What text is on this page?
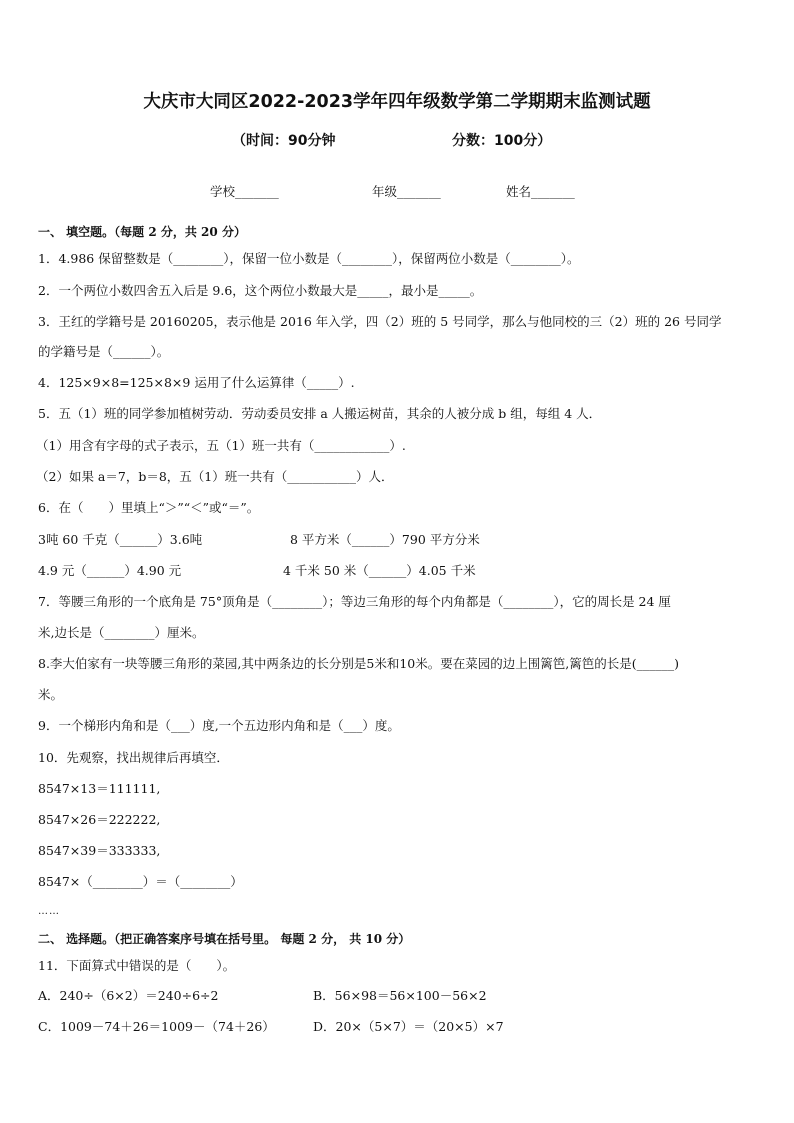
大庆市大同区2022-2023学年四年级数学第二学期期末监测试题
（时间：90分钟	分数：100分）
学校_______	年级_______	姓名_______
一、 填空题。（每题 2 分，共 20 分）
1．4.986 保留整数是（________），保留一位小数是（________），保留两位小数是（________）。
2．一个两位小数四舍五入后是 9.6，这个两位小数最大是_____，最小是_____。
3．王红的学籍号是 20160205，表示他是 2016 年入学，四（2）班的 5 号同学，那么与他同校的三（2）班的 26 号同学
的学籍号是（______）。
4．125×9×8=125×8×9 运用了什么运算律（_____）.
5．五（1）班的同学参加植树劳动．劳动委员安排 a 人搬运树苗，其余的人被分成 b 组，每组 4 人．
（1）用含有字母的式子表示，五（1）班一共有（____________）.
（2）如果 a＝7，b＝8，五（1）班一共有（___________）人．
6．在（　　）里填上“＞”“＜”或“＝”。
3吨 60 千克（______）3.6吨	8 平方米（______）790 平方分米
4.9 元（______）4.90 元	4 千米 50 米（______）4.05 千米
7．等腰三角形的一个底角是 75°顶角是（________）；等边三角形的每个内角都是（________），它的周长是 24 厘
米,边长是（________）厘米。
8.李大伯家有一块等腰三角形的菜园,其中两条边的长分别是5米和10米。要在菜园的边上围篱笆,篱笆的长是(______)
米。
9．一个梯形内角和是（___）度,一个五边形内角和是（___）度。
10．先观察，找出规律后再填空．
8547×13＝111111,
8547×26＝222222,
8547×39＝333333,
8547×（________）＝（________）
……
二、 选择题。（把正确答案序号填在括号里。 每题 2 分， 共 10 分）
11．下面算式中错误的是（　　）。
A．240÷（6×2）＝240÷6÷2	B．56×98＝56×100－56×2
C．1009－74＋26＝1009－（74＋26）	D．20×（5×7）＝（20×5）×7
